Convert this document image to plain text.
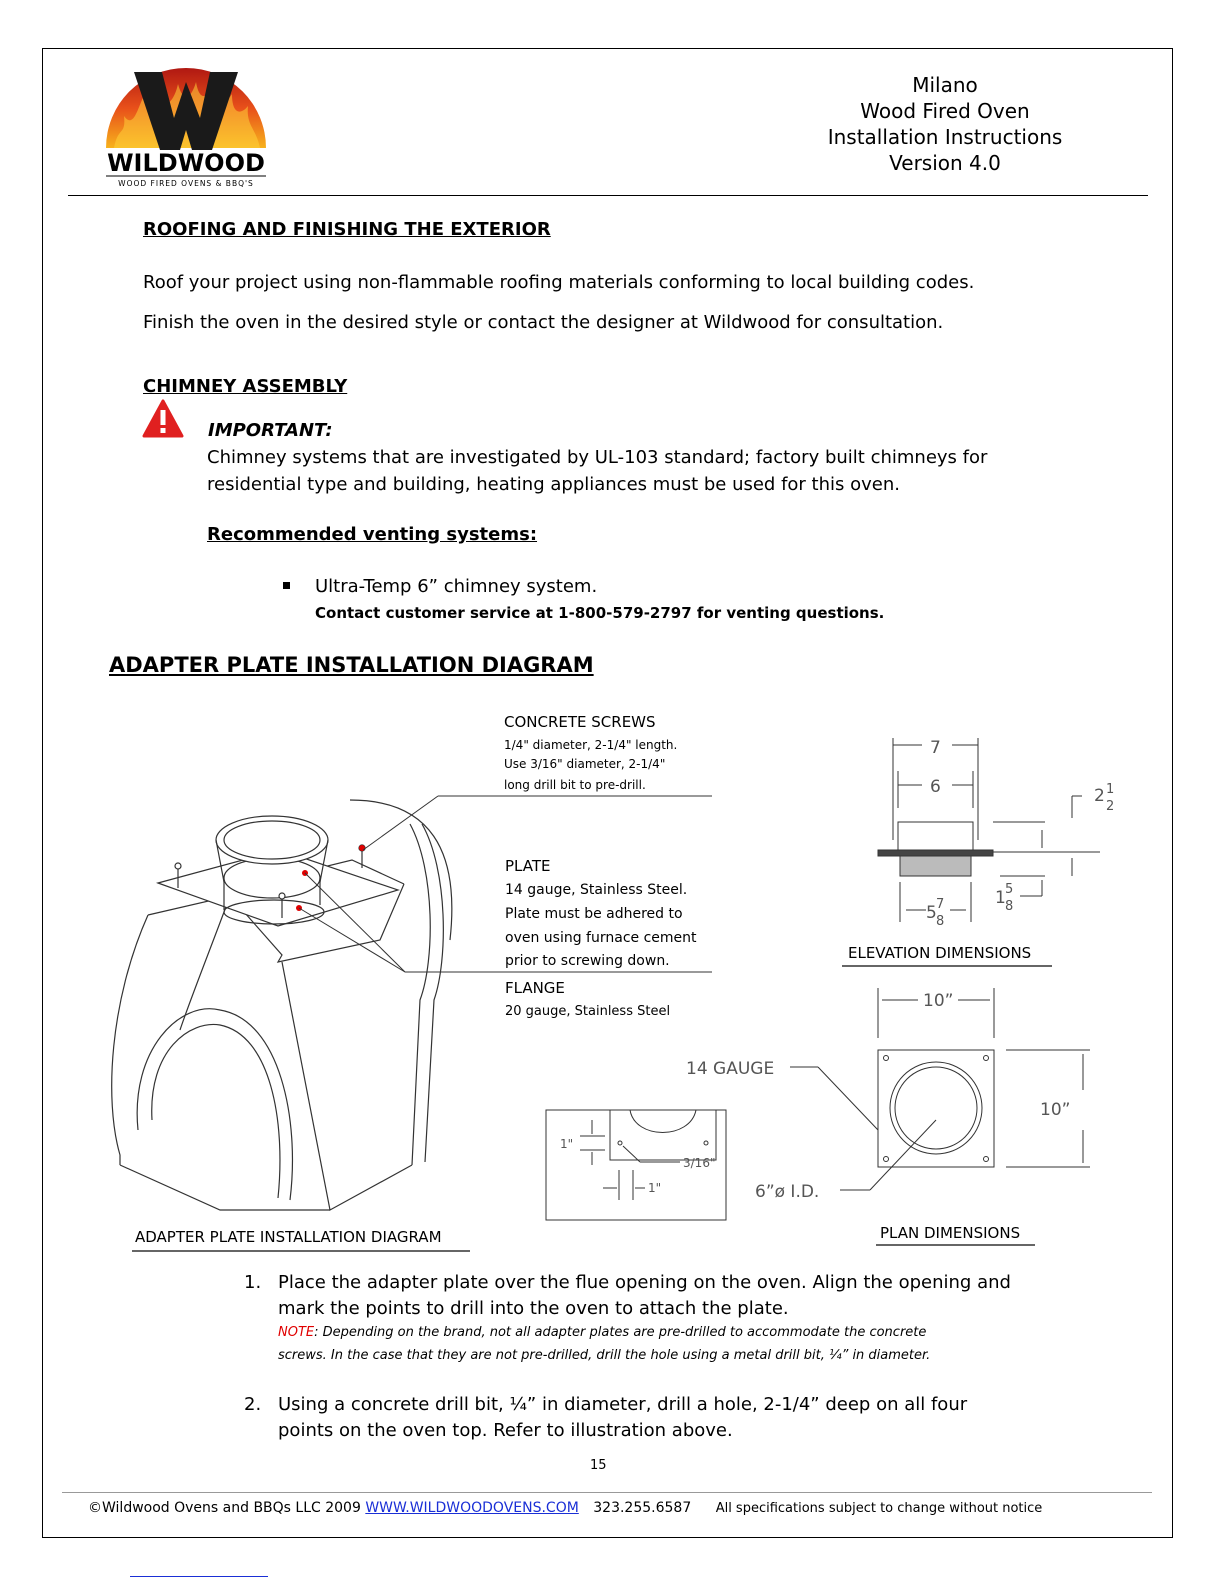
WILDWOOD
WOOD FIRED OVENS & BBQ'S
Milano
Wood Fired Oven
Installation Instructions
Version 4.0
ROOFING AND FINISHING THE EXTERIOR
Roof your project using non-flammable roofing materials conforming to local building codes.
Finish the oven in the desired style or contact the designer at Wildwood for consultation.
CHIMNEY ASSEMBLY
IMPORTANT:
Chimney systems that are investigated by UL-103 standard; factory built chimneys for
residential type and building, heating appliances must be used for this oven.
Recommended venting systems:
Ultra-Temp 6” chimney system.
Contact customer service at 1-800-579-2797 for venting questions.
ADAPTER PLATE INSTALLATION DIAGRAM
CONCRETE SCREWS
1/4" diameter, 2-1/4" length.
Use 3/16" diameter, 2-1/4"
long drill bit to pre-drill.
PLATE
14 gauge, Stainless Steel.
Plate must be adhered to
oven using furnace cement
prior to screwing down.
FLANGE
20 gauge, Stainless Steel
ADAPTER PLATE INSTALLATION DIAGRAM
7
6	2 1
2
5 7
8
1 5
8
ELEVATION DIMENSIONS
10”
10”
14 GAUGE
6”ø I.D.
PLAN DIMENSIONS
1"
3/16"
1"
1. Place the adapter plate over the flue opening on the oven. Align the opening and
mark the points to drill into the oven to attach the plate.
NOTE: Depending on the brand, not all adapter plates are pre-drilled to accommodate the concrete
screws. In the case that they are not pre-drilled, drill the hole using a metal drill bit, ¼” in diameter.
2. Using a concrete drill bit, ¼” in diameter, drill a hole, 2-1/4” deep on all four
points on the oven top. Refer to illustration above.
15
©Wildwood Ovens and BBQs LLC 2009 WWW.WILDWOODOVENS.COM 323.255.6587 All specifications subject to change without notice
